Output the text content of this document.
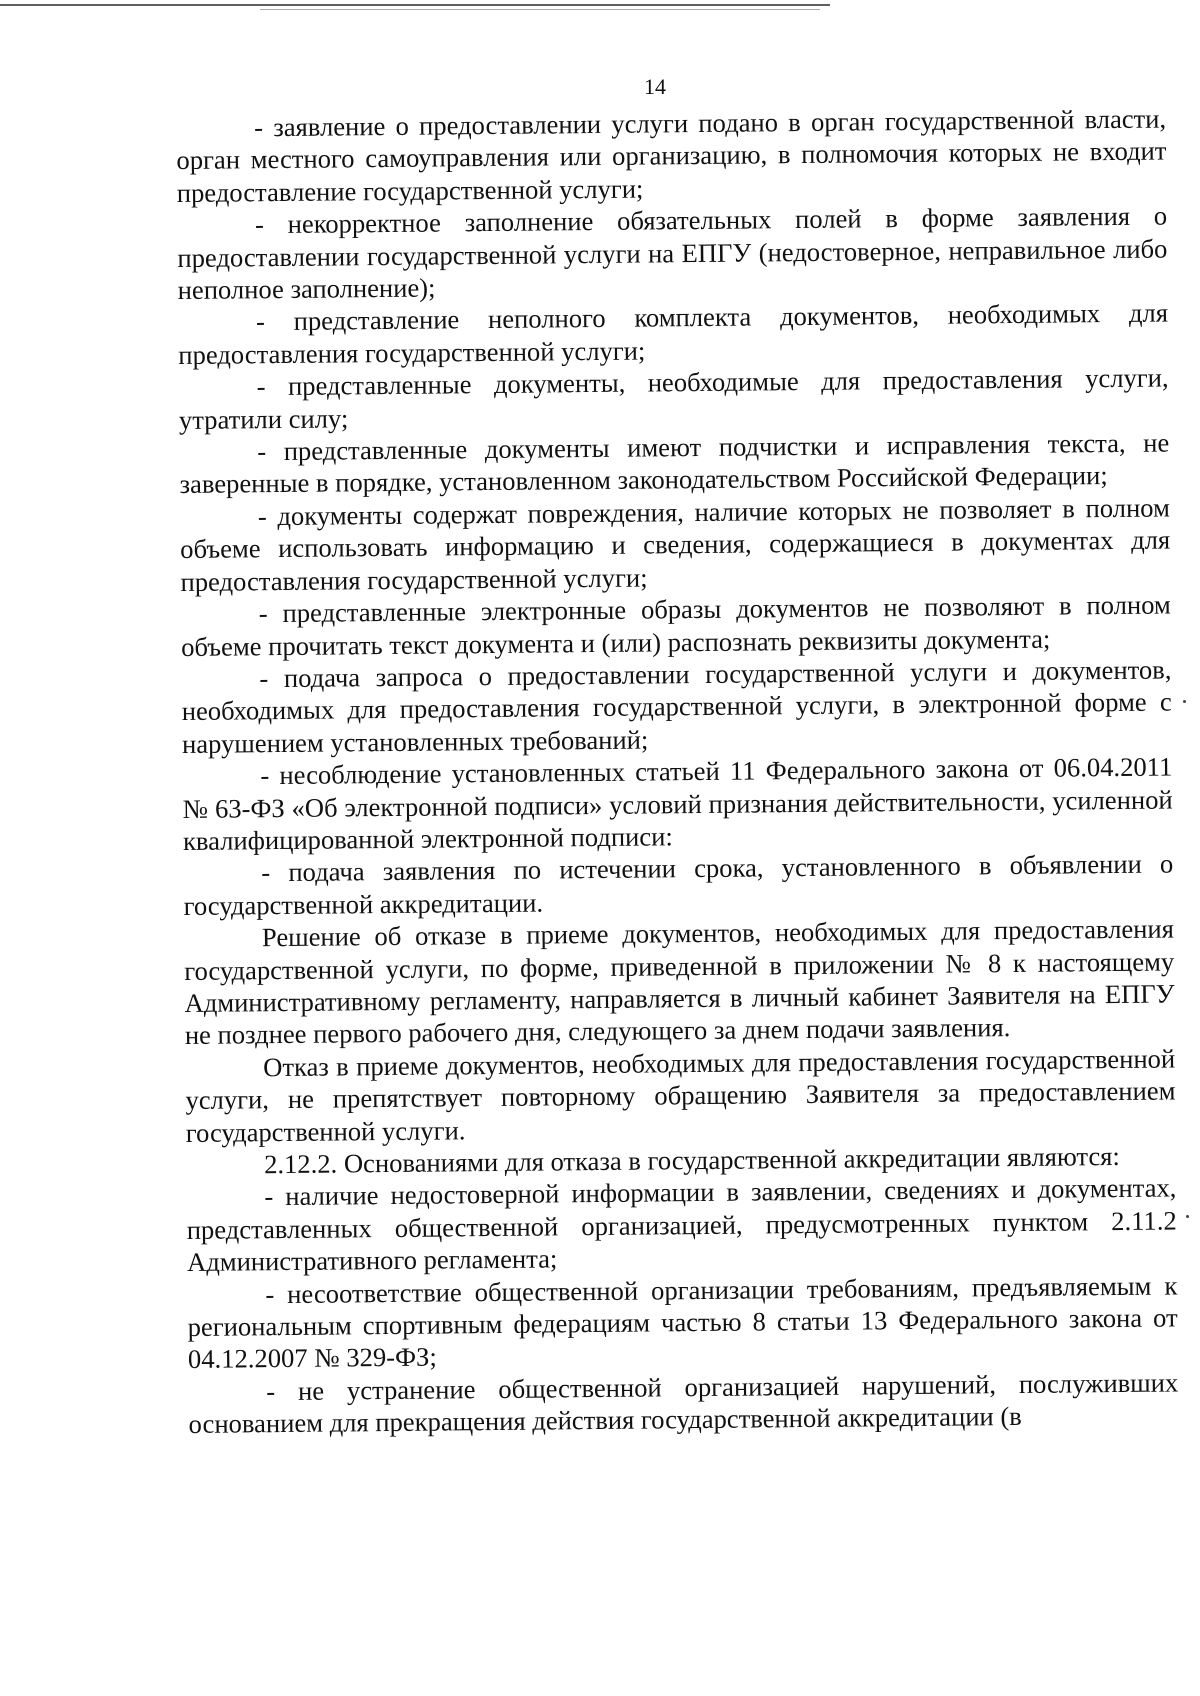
14

- заявление о предоставлении услуги подано в орган государственной власти, орган местного самоуправления или организацию, в полномочия которых не входит предоставление государственной услуги;

- некорректное заполнение обязательных полей в форме заявления о предоставлении государственной услуги на ЕПГУ (недостоверное, неправильное либо неполное заполнение);

- представление неполного комплекта документов, необходимых для предоставления государственной услуги;

- представленные документы, необходимые для предоставления услуги, утратили силу;

- представленные документы имеют подчистки и исправления текста, не заверенные в порядке, установленном законодательством Российской Федерации;

- документы содержат повреждения, наличие которых не позволяет в полном объеме использовать информацию и сведения, содержащиеся в документах для предоставления государственной услуги;

- представленные электронные образы документов не позволяют в полном объеме прочитать текст документа и (или) распознать реквизиты документа;

- подача запроса о предоставлении государственной услуги и документов, необходимых для предоставления государственной услуги, в электронной форме с нарушением установленных требований;

- несоблюдение установленных статьей 11 Федерального закона от 06.04.2011 № 63-ФЗ «Об электронной подписи» условий признания действительности, усиленной квалифицированной электронной подписи:

- подача заявления по истечении срока, установленного в объявлении о государственной аккредитации.

Решение об отказе в приеме документов, необходимых для предоставления государственной услуги, по форме, приведенной в приложении № 8 к настоящему Административному регламенту, направляется в личный кабинет Заявителя на ЕПГУ не позднее первого рабочего дня, следующего за днем подачи заявления.

Отказ в приеме документов, необходимых для предоставления государственной услуги, не препятствует повторному обращению Заявителя за предоставлением государственной услуги.

2.12.2. Основаниями для отказа в государственной аккредитации являются:

- наличие недостоверной информации в заявлении, сведениях и документах, представленных общественной организацией, предусмотренных пунктом 2.11.2 Административного регламента;

- несоответствие общественной организации требованиям, предъявляемым к региональным спортивным федерациям частью 8 статьи 13 Федерального закона от 04.12.2007 № 329-ФЗ;

- не устранение общественной организацией нарушений, послуживших основанием для прекращения действия государственной аккредитации (в
